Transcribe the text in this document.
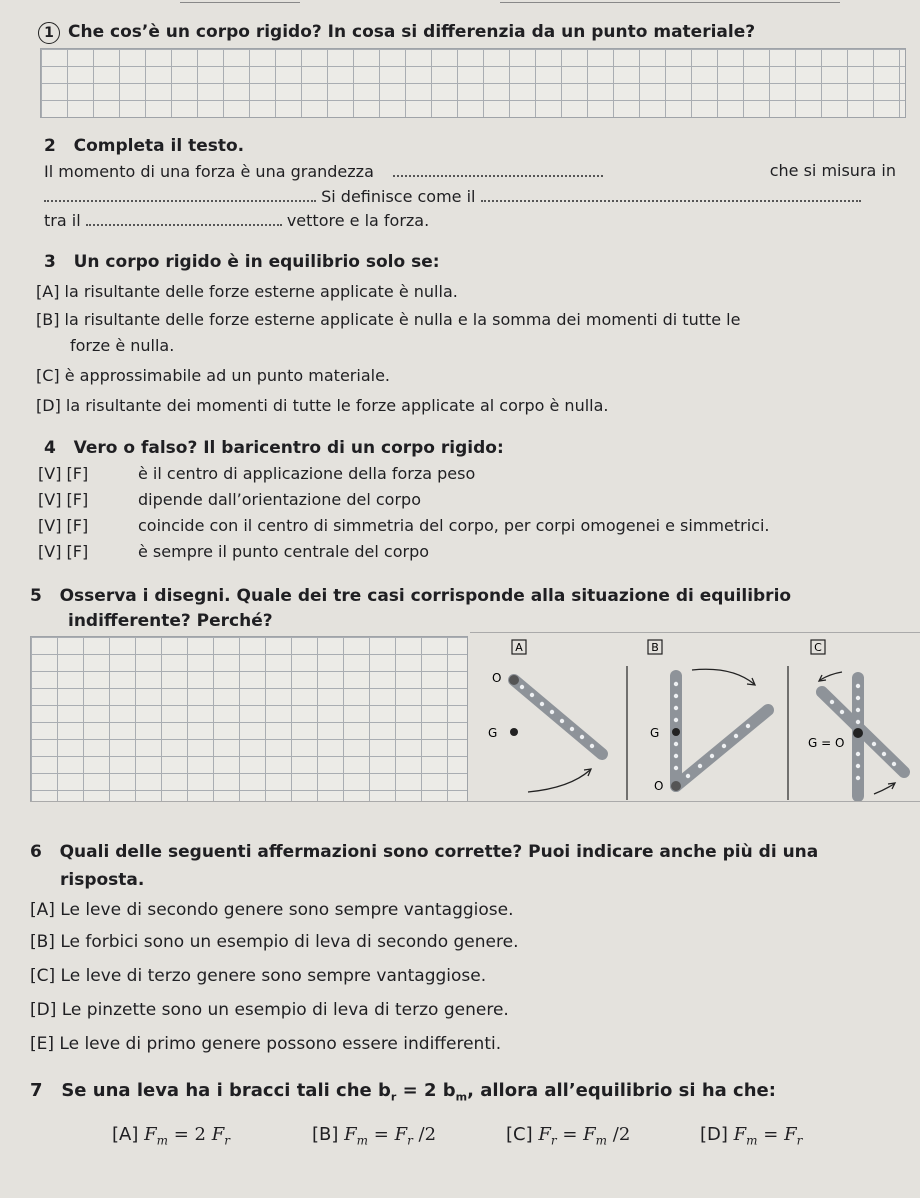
1 Che cos’è un corpo rigido? In cosa si differenzia da un punto materiale?
2 Completa il testo.
Il momento di una forza è una grandezza	che si misura in
Si definisce come il
tra il	vettore e la forza.
3 Un corpo rigido è in equilibrio solo se:
[A] la risultante delle forze esterne applicate è nulla.
[B] la risultante delle forze esterne applicate è nulla e la somma dei momenti di tutte le
forze è nulla.
[C] è approssimabile ad un punto materiale.
[D] la risultante dei momenti di tutte le forze applicate al corpo è nulla.
4 Vero o falso? Il baricentro di un corpo rigido:
[V] [F]	è il centro di applicazione della forza peso
[V] [F]	dipende dall’orientazione del corpo
[V] [F]	coincide con il centro di simmetria del corpo, per corpi omogenei e simmetrici.
[V] [F]	è sempre il punto centrale del corpo
5 Osserva i disegni. Quale dei tre casi corrisponde alla situazione di equilibrio
indifferente? Perché?
A
O
G
B
G
O
C
G = O
6 Quali delle seguenti affermazioni sono corrette? Puoi indicare anche più di una
risposta.
[A] Le leve di secondo genere sono sempre vantaggiose.
[B] Le forbici sono un esempio di leva di secondo genere.
[C] Le leve di terzo genere sono sempre vantaggiose.
[D] Le pinzette sono un esempio di leva di terzo genere.
[E] Le leve di primo genere possono essere indifferenti.
7 Se una leva ha i bracci tali che $b_r = 2$ $b_m$, allora all’equilibrio si ha che:
[A] $F_m = 2$ $F_r$	[B] $F_m = F_r$ /2	[C] $F_r = F_m$ /2	[D] $F_m = F_r$
